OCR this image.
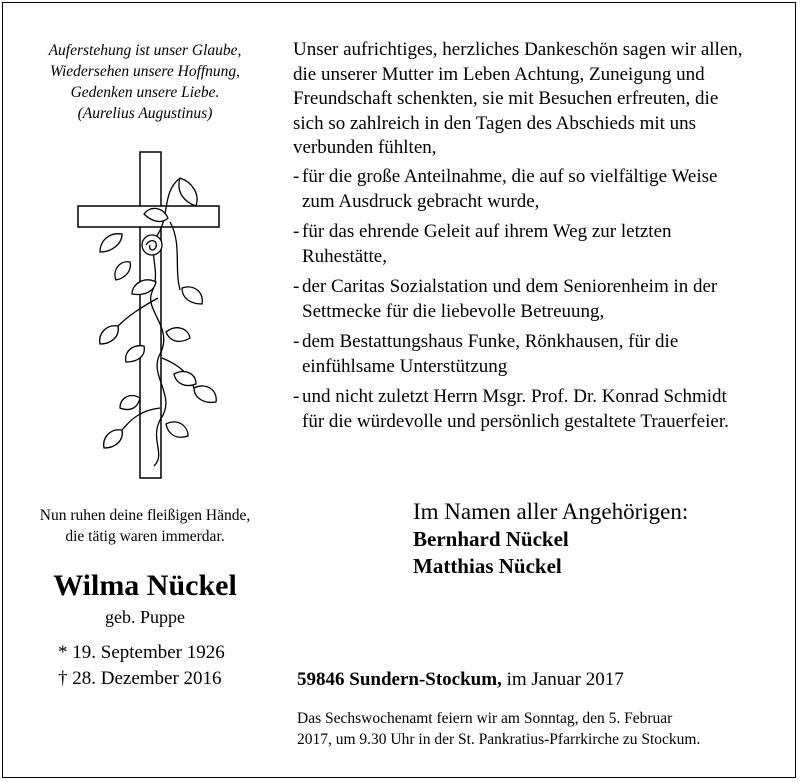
Auferstehung ist unser Glaube,
Wiedersehen unsere Hoffnung,
Gedenken unsere Liebe.
(Aurelius Augustinus)
Nun ruhen deine fleißigen Hände,
die tätig waren immerdar.
Wilma Nückel
geb. Puppe
* 19. September 1926
† 28. Dezember 2016
Unser aufrichtiges, herzliches Dankeschön sagen wir allen,
die unserer Mutter im Leben Achtung, Zuneigung und
Freundschaft schenkten, sie mit Besuchen erfreuten, die
sich so zahlreich in den Tagen des Abschieds mit uns
verbunden fühlten,
- für die große Anteilnahme, die auf so vielfältige Weise
zum Ausdruck gebracht wurde,
- für das ehrende Geleit auf ihrem Weg zur letzten
Ruhestätte,
- der Caritas Sozialstation und dem Seniorenheim in der
Settmecke für die liebevolle Betreuung,
- dem Bestattungshaus Funke, Rönkhausen, für die
einfühlsame Unterstützung
- und nicht zuletzt Herrn Msgr. Prof. Dr. Konrad Schmidt
für die würdevolle und persönlich gestaltete Trauerfeier.
Im Namen aller Angehörigen:
Bernhard Nückel
Matthias Nückel
59846 Sundern-Stockum, im Januar 2017
Das Sechswochenamt feiern wir am Sonntag, den 5. Februar
2017, um 9.30 Uhr in der St. Pankratius-Pfarrkirche zu Stockum.
